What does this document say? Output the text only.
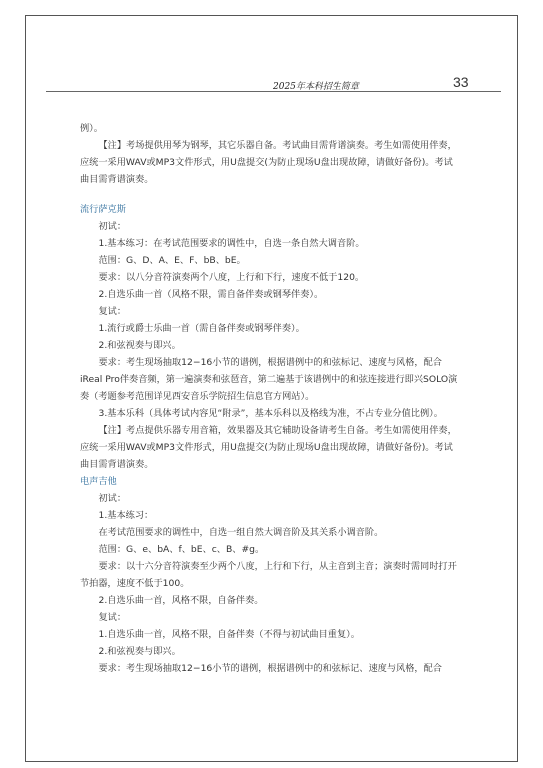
2025年本科招生简章	33

例）。

【注】考场提供用琴为钢琴，其它乐器自备。考试曲目需背谱演奏。考生如需使用伴奏，应统一采用WAV或MP3文件形式，用U盘提交(为防止现场U盘出现故障，请做好备份)。考试曲目需背谱演奏。

流行萨克斯

初试：

1.基本练习：在考试范围要求的调性中，自选一条自然大调音阶。

范围：G、D、A、E、F、bB、bE。

要求：以八分音符演奏两个八度，上行和下行，速度不低于120。

2.自选乐曲一首（风格不限，需自备伴奏或钢琴伴奏）。

复试：

1.流行或爵士乐曲一首（需自备伴奏或钢琴伴奏）。

2.和弦视奏与即兴。

要求：考生现场抽取12−16小节的谱例，根据谱例中的和弦标记、速度与风格，配合iReal Pro伴奏音频，第一遍演奏和弦琶音，第二遍基于该谱例中的和弦连接进行即兴SOLO演奏（考题参考范围详见西安音乐学院招生信息官方网站）。

3.基本乐科（具体考试内容见“附录”，基本乐科以及格线为准，不占专业分值比例）。

【注】考点提供乐器专用音箱，效果器及其它辅助设备请考生自备。考生如需使用伴奏，应统一采用WAV或MP3文件形式，用U盘提交(为防止现场U盘出现故障，请做好备份)。考试曲目需背谱演奏。

电声吉他

初试：

1.基本练习：

在考试范围要求的调性中，自选一组自然大调音阶及其关系小调音阶。

范围：G、e、bA、f、bE、c、B、#g。

要求：以十六分音符演奏至少两个八度，上行和下行，从主音到主音；演奏时需同时打开节拍器，速度不低于100。

2.自选乐曲一首，风格不限，自备伴奏。

复试：

1.自选乐曲一首，风格不限，自备伴奏（不得与初试曲目重复）。

2.和弦视奏与即兴。

要求：考生现场抽取12−16小节的谱例，根据谱例中的和弦标记、速度与风格，配合
